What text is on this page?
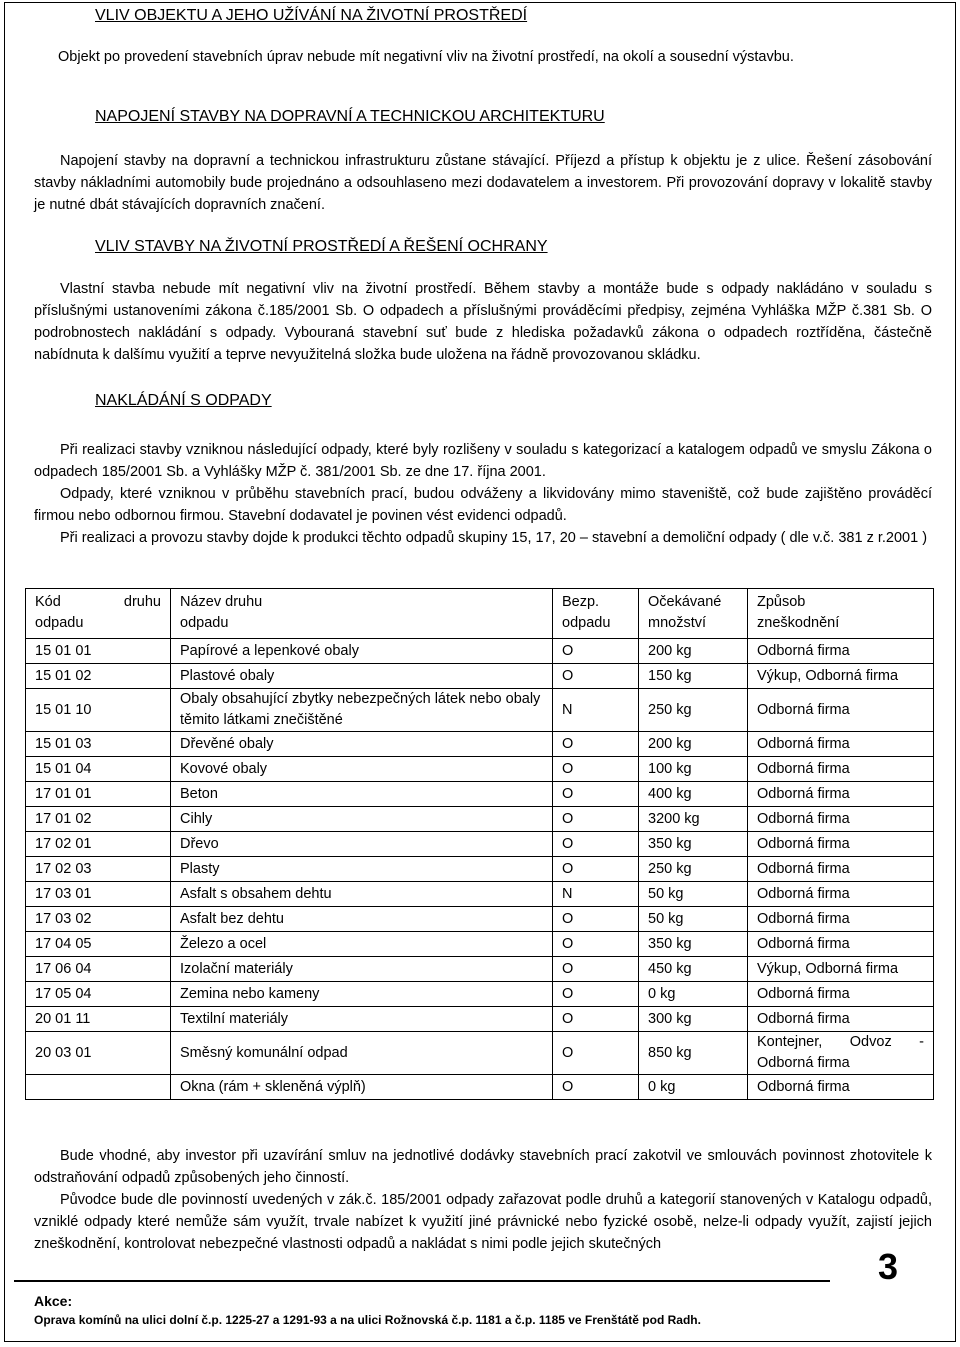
VLIV OBJEKTU A JEHO UŽÍVÁNÍ NA ŽIVOTNÍ PROSTŘEDÍ

Objekt po provedení stavebních úprav nebude mít negativní vliv na životní prostředí, na okolí a sousední výstavbu.

NAPOJENÍ STAVBY NA DOPRAVNÍ A TECHNICKOU ARCHITEKTURU

Napojení stavby na dopravní a technickou infrastrukturu zůstane stávající. Příjezd a přístup k objektu je z ulice. Řešení zásobování stavby nákladními automobily bude projednáno a odsouhlaseno mezi dodavatelem a investorem. Při provozování dopravy v lokalitě stavby je nutné dbát stávajících dopravních značení.

VLIV STAVBY NA ŽIVOTNÍ PROSTŘEDÍ A ŘEŠENÍ OCHRANY

Vlastní stavba nebude mít negativní vliv na životní prostředí. Během stavby a montáže bude s odpady nakládáno v souladu s příslušnými ustanoveními zákona č.185/2001 Sb. O odpadech a příslušnými prováděcími předpisy, zejména Vyhláška MŽP č.381 Sb. O podrobnostech nakládání s odpady. Vybouraná stavební suť bude z hlediska požadavků zákona o odpadech roztříděna, částečně nabídnuta k dalšímu využití a teprve nevyužitelná složka bude uložena na řádně provozovanou skládku.

NAKLÁDÁNÍ S ODPADY

Při realizaci stavby vzniknou následující odpady, které byly rozlišeny v souladu s kategorizací a katalogem odpadů ve smyslu Zákona o odpadech 185/2001 Sb. a Vyhlášky MŽP č. 381/2001 Sb. ze dne 17. října 2001.

Odpady, které vzniknou v průběhu stavebních prací, budou odváženy a likvidovány mimo staveniště, což bude zajištěno prováděcí firmou nebo odbornou firmou. Stavební dodavatel je povinen vést evidenci odpadů.

Při realizaci a provozu stavby dojde k produkci těchto odpadů skupiny 15, 17, 20 – stavební a demoliční odpady ( dle v.č. 381 z r.2001 )

Kód druhu
odpadu	Název druhu odpadu	Bezp. odpadu	Očekávané množství	Způsob zneškodnění

15 01 01	Papírové a lepenkové obaly	O	200 kg	Odborná firma
15 01 02	Plastové obaly	O	150 kg	Výkup, Odborná firma
15 01 10	Obaly obsahující zbytky nebezpečných látek nebo obaly těmito látkami znečištěné	N	250 kg	Odborná firma
15 01 03	Dřevěné obaly	O	200 kg	Odborná firma
15 01 04	Kovové obaly	O	100 kg	Odborná firma
17 01 01	Beton	O	400 kg	Odborná firma
17 01 02	Cihly	O	3200 kg	Odborná firma
17 02 01	Dřevo	O	350 kg	Odborná firma
17 02 03	Plasty	O	250 kg	Odborná firma
17 03 01	Asfalt s obsahem dehtu	N	50 kg	Odborná firma
17 03 02	Asfalt bez dehtu	O	50 kg	Odborná firma
17 04 05	Železo a ocel	O	350 kg	Odborná firma
17 06 04	Izolační materiály	O	450 kg	Výkup, Odborná firma
17 05 04	Zemina nebo kameny	O	0 kg	Odborná firma
20 01 11	Textilní materiály	O	300 kg	Odborná firma
20 03 01	Směsný komunální odpad	O	850 kg	Kontejner, Odvoz - Odborná firma
	Okna (rám + skleněná výplň)	O	0 kg	Odborná firma

Bude vhodné, aby investor při uzavírání smluv na jednotlivé dodávky stavebních prací zakotvil ve smlouvách povinnost zhotovitele k odstraňování odpadů způsobených jeho činností.

Původce bude dle povinností uvedených v zák.č. 185/2001 odpady zařazovat podle druhů a kategorií stanovených v Katalogu odpadů, vzniklé odpady které nemůže sám využít, trvale nabízet k využití jiné právnické nebo fyzické osobě, nelze-li odpady využít, zajistí jejich zneškodnění, kontrolovat nebezpečné vlastnosti odpadů a nakládat s nimi podle jejich skutečných

3
Akce:
Oprava komínů na ulici dolní č.p. 1225-27 a 1291-93 a na ulici Rožnovská č.p. 1181 a č.p. 1185 ve Frenštátě pod Radh.
